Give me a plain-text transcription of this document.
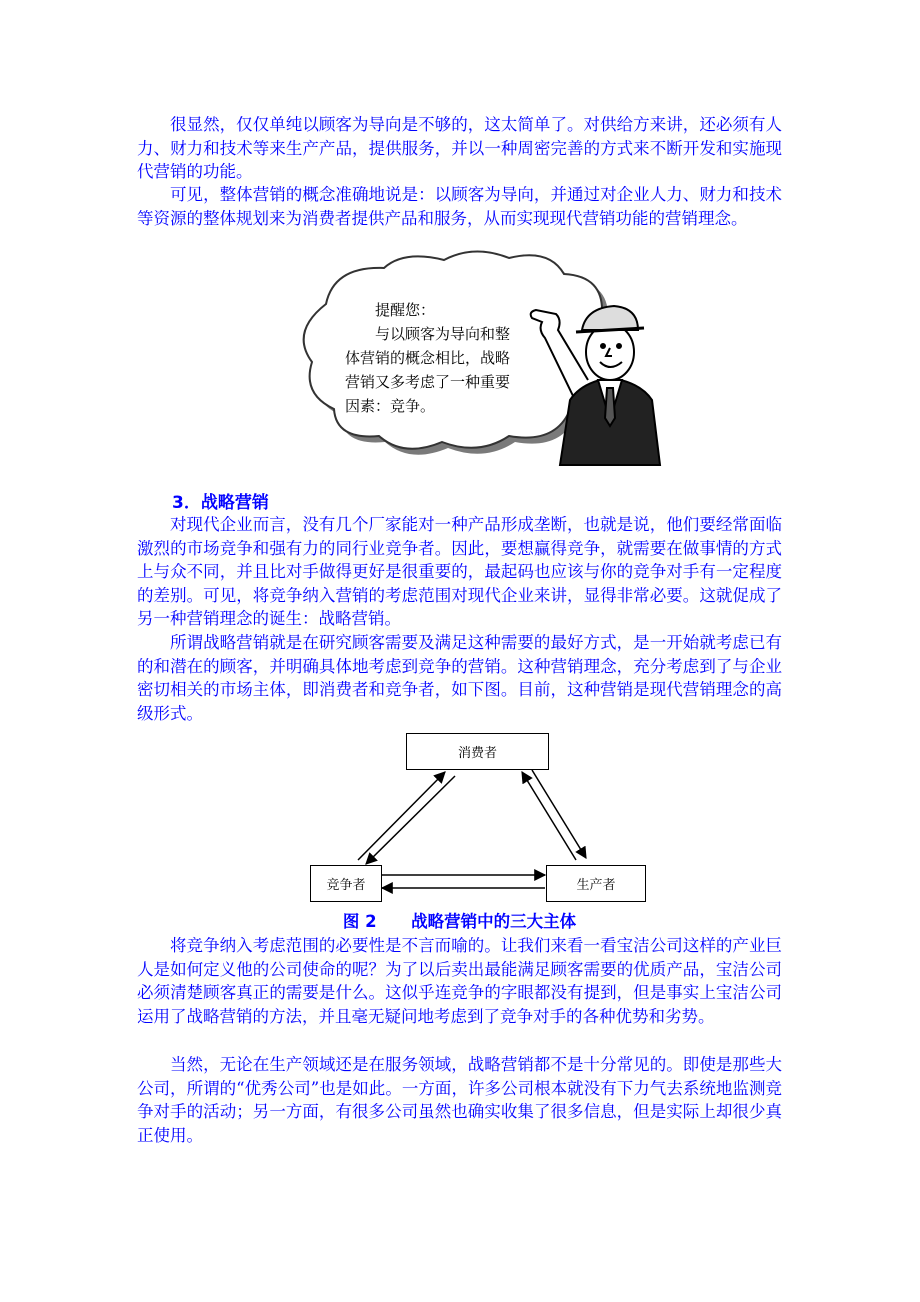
很显然，仅仅单纯以顾客为导向是不够的，这太简单了。对供给方来讲，还必须有人力、财力和技术等来生产产品，提供服务，并以一种周密完善的方式来不断开发和实施现代营销的功能。

可见，整体营销的概念准确地说是：以顾客为导向，并通过对企业人力、财力和技术等资源的整体规划来为消费者提供产品和服务，从而实现现代营销功能的营销理念。

提醒您：
与以顾客为导向和整
体营销的概念相比，战略
营销又多考虑了一种重要
因素：竞争。
3．战略营销

对现代企业而言，没有几个厂家能对一种产品形成垄断，也就是说，他们要经常面临激烈的市场竞争和强有力的同行业竞争者。因此，要想赢得竞争，就需要在做事情的方式上与众不同，并且比对手做得更好是很重要的，最起码也应该与你的竞争对手有一定程度的差别。可见，将竞争纳入营销的考虑范围对现代企业来讲，显得非常必要。这就促成了另一种营销理念的诞生：战略营销。

所谓战略营销就是在研究顾客需要及满足这种需要的最好方式，是一开始就考虑已有的和潜在的顾客，并明确具体地考虑到竞争的营销。这种营销理念，充分考虑到了与企业密切相关的市场主体，即消费者和竞争者，如下图。目前，这种营销是现代营销理念的高级形式。

消费者
竞争者	生产者

图 2      战略营销中的三大主体

将竞争纳入考虑范围的必要性是不言而喻的。让我们来看一看宝洁公司这样的产业巨人是如何定义他的公司使命的呢？为了以后卖出最能满足顾客需要的优质产品，宝洁公司必须清楚顾客真正的需要是什么。这似乎连竞争的字眼都没有提到，但是事实上宝洁公司运用了战略营销的方法，并且毫无疑问地考虑到了竞争对手的各种优势和劣势。

当然，无论在生产领域还是在服务领域，战略营销都不是十分常见的。即使是那些大公司，所谓的“优秀公司”也是如此。一方面，许多公司根本就没有下力气去系统地监测竞争对手的活动；另一方面，有很多公司虽然也确实收集了很多信息，但是实际上却很少真正使用。
